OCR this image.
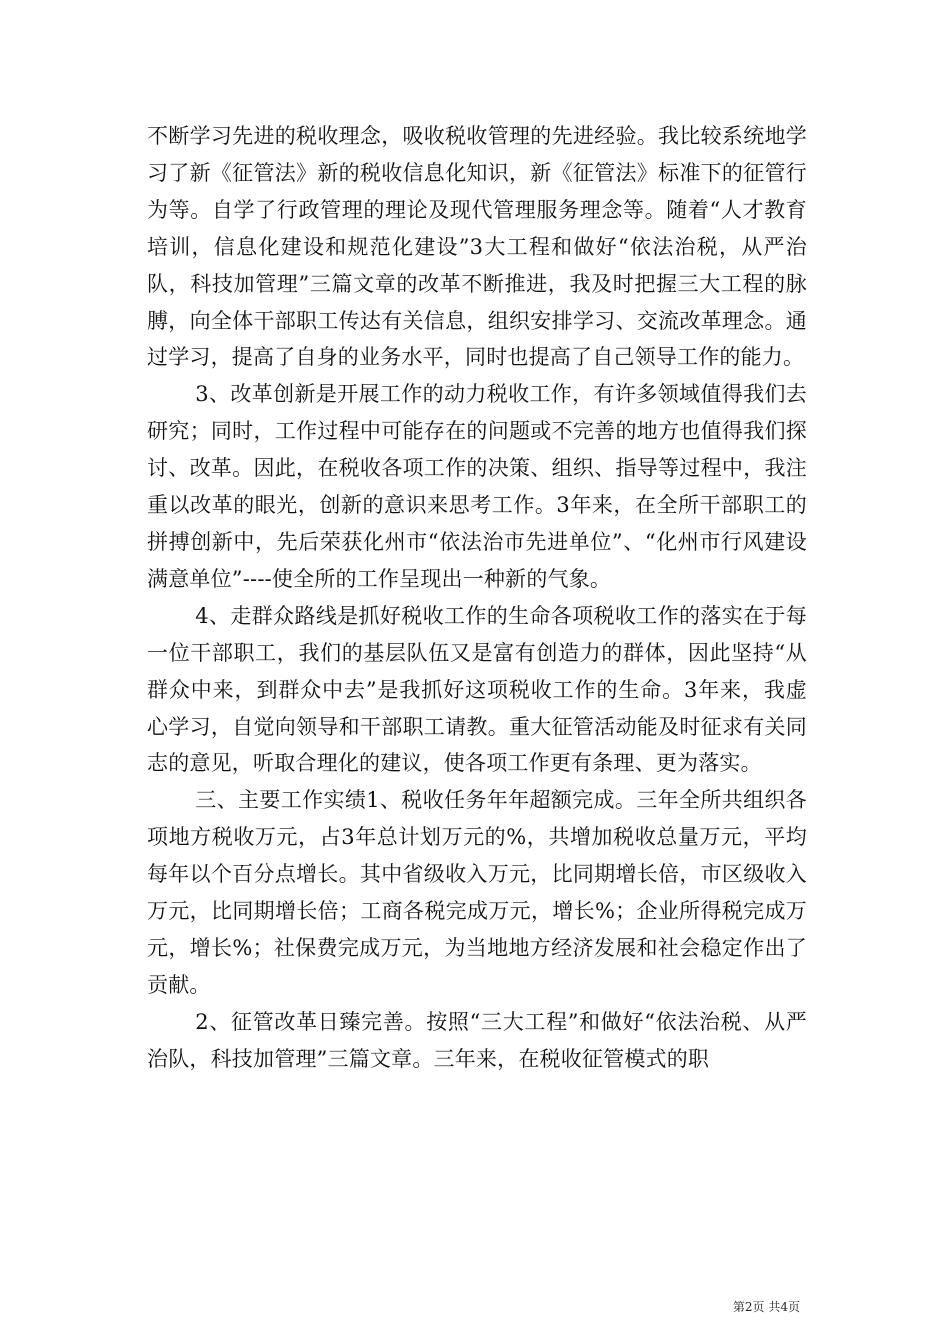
不断学习先进的税收理念，吸收税收管理的先进经验。我比较系统地学习了新《征管法》新的税收信息化知识，新《征管法》标准下的征管行为等。自学了行政管理的理论及现代管理服务理念等。随着“人才教育培训，信息化建设和规范化建设”3大工程和做好“依法治税，从严治队，科技加管理”三篇文章的改革不断推进，我及时把握三大工程的脉膊，向全体干部职工传达有关信息，组织安排学习、交流改革理念。通过学习，提高了自身的业务水平，同时也提高了自己领导工作的能力。

3、改革创新是开展工作的动力税收工作，有许多领域值得我们去研究；同时，工作过程中可能存在的问题或不完善的地方也值得我们探讨、改革。因此，在税收各项工作的决策、组织、指导等过程中，我注重以改革的眼光，创新的意识来思考工作。3年来，在全所干部职工的拼搏创新中，先后荣获化州市“依法治市先进单位”、“化州市行风建设满意单位”----使全所的工作呈现出一种新的气象。

4、走群众路线是抓好税收工作的生命各项税收工作的落实在于每一位干部职工，我们的基层队伍又是富有创造力的群体，因此坚持“从群众中来，到群众中去”是我抓好这项税收工作的生命。3年来，我虚心学习，自觉向领导和干部职工请教。重大征管活动能及时征求有关同志的意见，听取合理化的建议，使各项工作更有条理、更为落实。

三、主要工作实绩1、税收任务年年超额完成。三年全所共组织各项地方税收万元，占3年总计划万元的%，共增加税收总量万元，平均每年以个百分点增长。其中省级收入万元，比同期增长倍，市区级收入万元，比同期增长倍；工商各税完成万元，增长%；企业所得税完成万元，增长%；社保费完成万元，为当地地方经济发展和社会稳定作出了贡献。

2、征管改革日臻完善。按照“三大工程”和做好“依法治税、从严治队，科技加管理”三篇文章。三年来，在税收征管模式的职

第2页 共4页
